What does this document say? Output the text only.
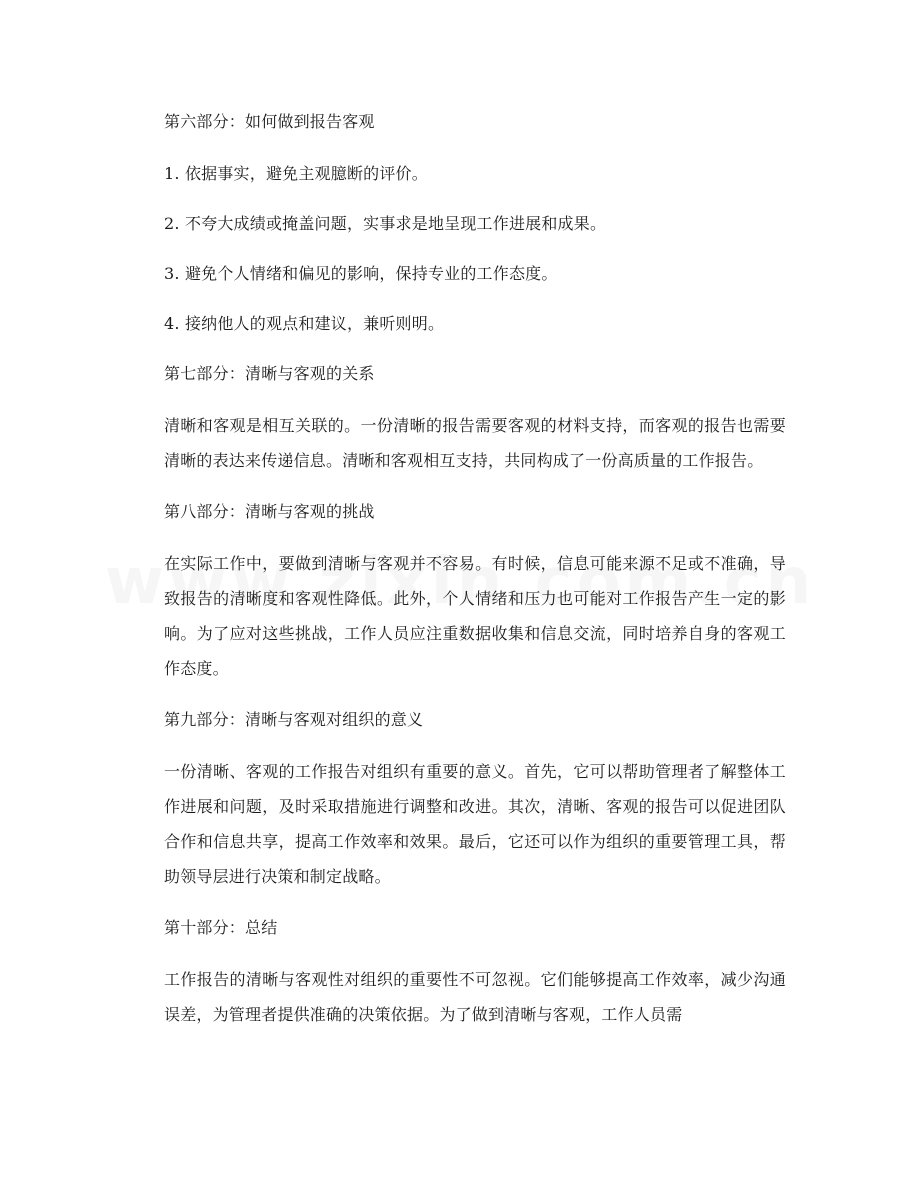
第六部分：如何做到报告客观

1. 依据事实，避免主观臆断的评价。

2. 不夸大成绩或掩盖问题，实事求是地呈现工作进展和成果。

3. 避免个人情绪和偏见的影响，保持专业的工作态度。

4. 接纳他人的观点和建议，兼听则明。

第七部分：清晰与客观的关系

清晰和客观是相互关联的。一份清晰的报告需要客观的材料支持，而客观的报告也需要清晰的表达来传递信息。清晰和客观相互支持，共同构成了一份高质量的工作报告。

第八部分：清晰与客观的挑战

在实际工作中，要做到清晰与客观并不容易。有时候，信息可能来源不足或不准确，导致报告的清晰度和客观性降低。此外，个人情绪和压力也可能对工作报告产生一定的影响。为了应对这些挑战，工作人员应注重数据收集和信息交流，同时培养自身的客观工作态度。

第九部分：清晰与客观对组织的意义

一份清晰、客观的工作报告对组织有重要的意义。首先，它可以帮助管理者了解整体工作进展和问题，及时采取措施进行调整和改进。其次，清晰、客观的报告可以促进团队合作和信息共享，提高工作效率和效果。最后，它还可以作为组织的重要管理工具，帮助领导层进行决策和制定战略。

第十部分：总结

工作报告的清晰与客观性对组织的重要性不可忽视。它们能够提高工作效率，减少沟通误差，为管理者提供准确的决策依据。为了做到清晰与客观，工作人员需
